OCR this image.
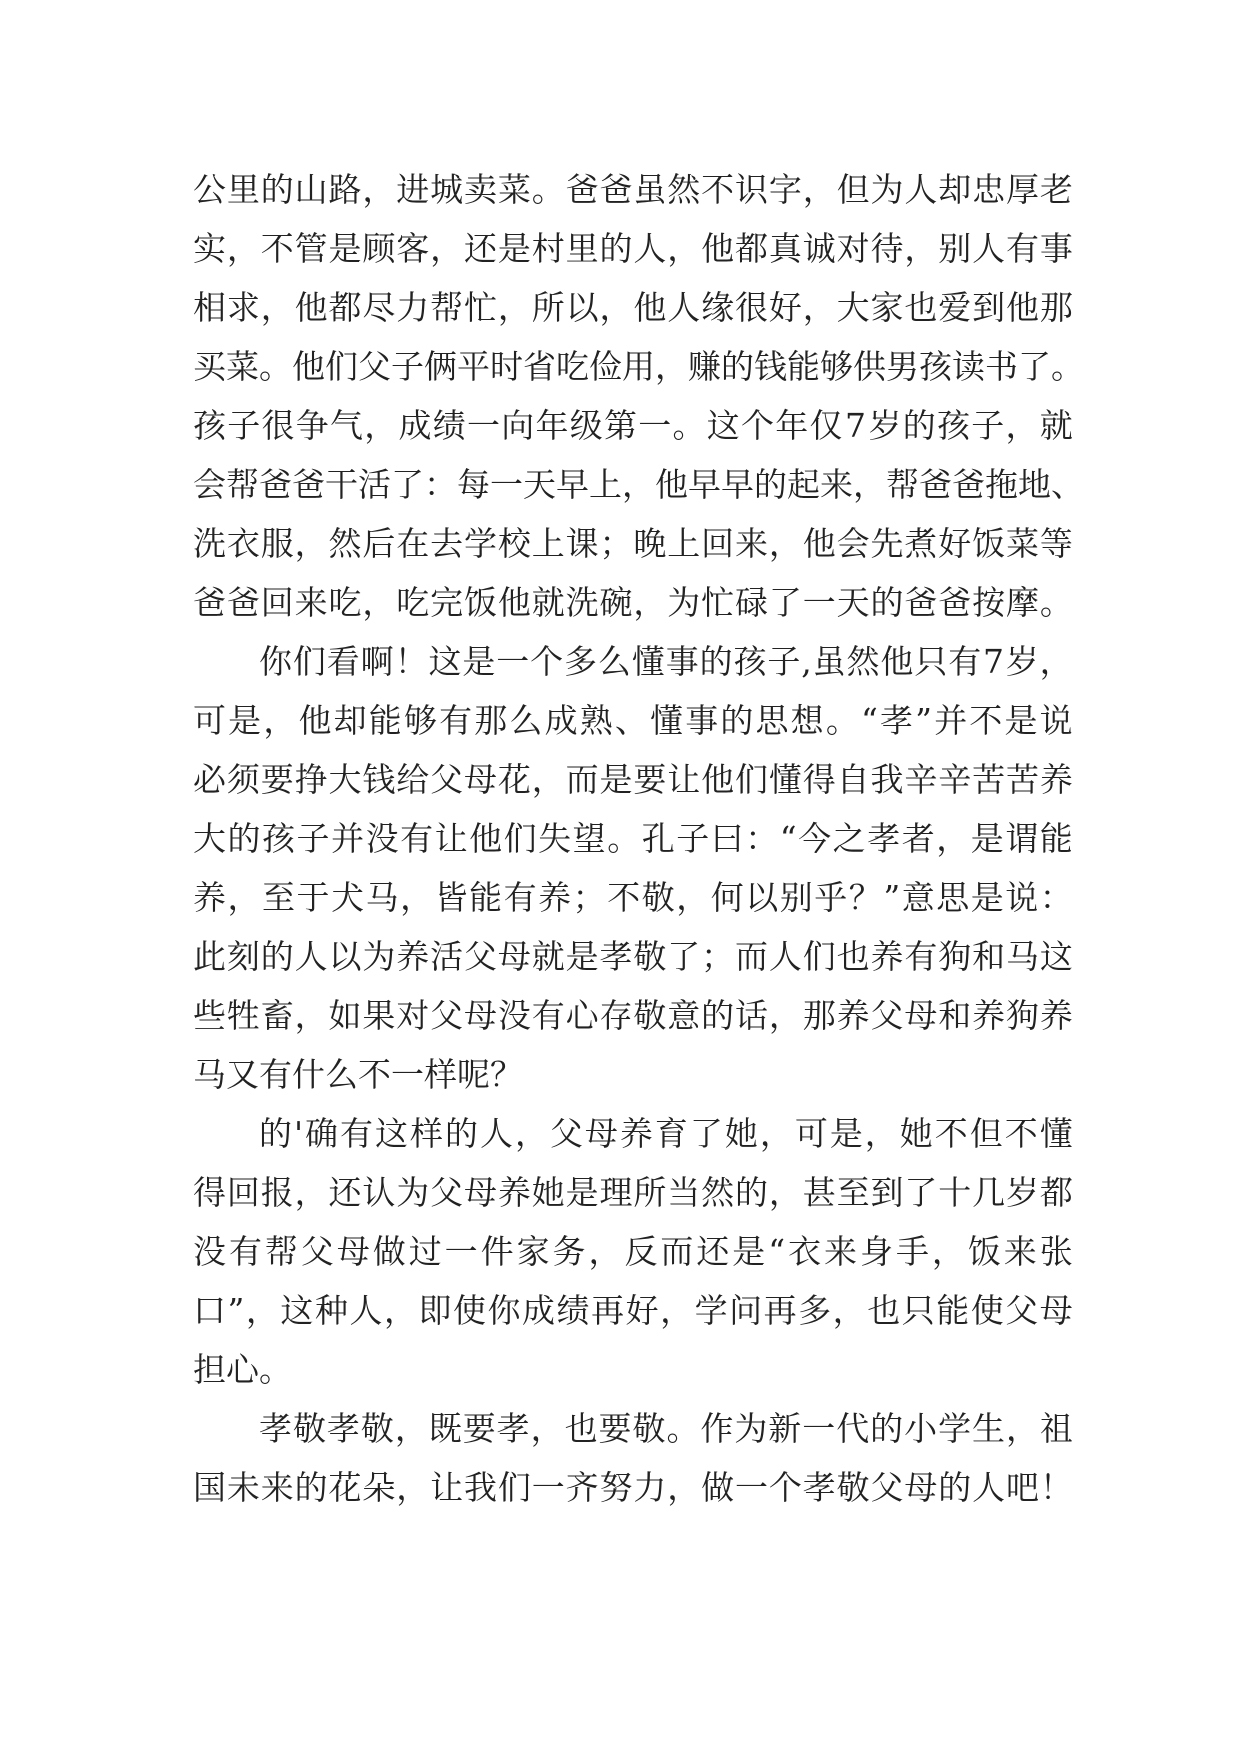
公 里 的 山 路 ， 进 城 卖 菜 。 爸 爸 虽 然 不 识 字 ， 但 为 人 却 忠 厚 老
实 ， 不 管 是 顾 客 ， 还 是 村 里 的 人 ， 他 都 真 诚 对 待 ， 别 人 有 事
相 求 ， 他 都 尽 力 帮 忙 ， 所 以 ， 他 人 缘 很 好 ， 大 家 也 爱 到 他 那
买 菜 。 他 们 父 子 俩 平 时 省 吃 俭 用 ， 赚 的 钱 能 够 供 男 孩 读 书 了 。
孩 子 很 争 气 ， 成 绩 一 向 年 级 第 一 。 这 个 年 仅 7 岁 的 孩 子 ， 就
会 帮 爸 爸 干 活 了 ： 每 一 天 早 上 ， 他 早 早 的 起 来 ， 帮 爸 爸 拖 地 、
洗 衣 服 ， 然 后 在 去 学 校 上 课 ； 晚 上 回 来 ， 他 会 先 煮 好 饭 菜 等
爸 爸 回 来 吃 ， 吃 完 饭 他 就 洗 碗 ， 为 忙 碌 了 一 天 的 爸 爸 按 摩 。
你 们 看 啊 ！ 这 是 一 个 多 么 懂 事 的 孩 子 , 虽 然 他 只 有 7 岁 ，
可 是 ， 他 却 能 够 有 那 么 成 熟 、 懂 事 的 思 想 。 “ 孝 ” 并 不 是 说
必 须 要 挣 大 钱 给 父 母 花 ， 而 是 要 让 他 们 懂 得 自 我 辛 辛 苦 苦 养
大 的 孩 子 并 没 有 让 他 们 失 望 。 孔 子 曰 ： “ 今 之 孝 者 ， 是 谓 能
养 ， 至 于 犬 马 ， 皆 能 有 养 ； 不 敬 ， 何 以 别 乎 ？ ” 意 思 是 说 ：
此 刻 的 人 以 为 养 活 父 母 就 是 孝 敬 了 ； 而 人 们 也 养 有 狗 和 马 这
些 牲 畜 ， 如 果 对 父 母 没 有 心 存 敬 意 的 话 ， 那 养 父 母 和 养 狗 养
马又有什么不一样呢？
的 ' 确 有 这 样 的 人 ， 父 母 养 育 了 她 ， 可 是 ， 她 不 但 不 懂
得 回 报 ， 还 认 为 父 母 养 她 是 理 所 当 然 的 ， 甚 至 到 了 十 几 岁 都
没 有 帮 父 母 做 过 一 件 家 务 ， 反 而 还 是 “ 衣 来 身 手 ， 饭 来 张
口 ” ， 这 种 人 ， 即 使 你 成 绩 再 好 ， 学 问 再 多 ， 也 只 能 使 父 母
担心。
孝 敬 孝 敬 ， 既 要 孝 ， 也 要 敬 。 作 为 新 一 代 的 小 学 生 ， 祖
国 未 来 的 花 朵 ， 让 我 们 一 齐 努 力 ， 做 一 个 孝 敬 父 母 的 人 吧 ！
